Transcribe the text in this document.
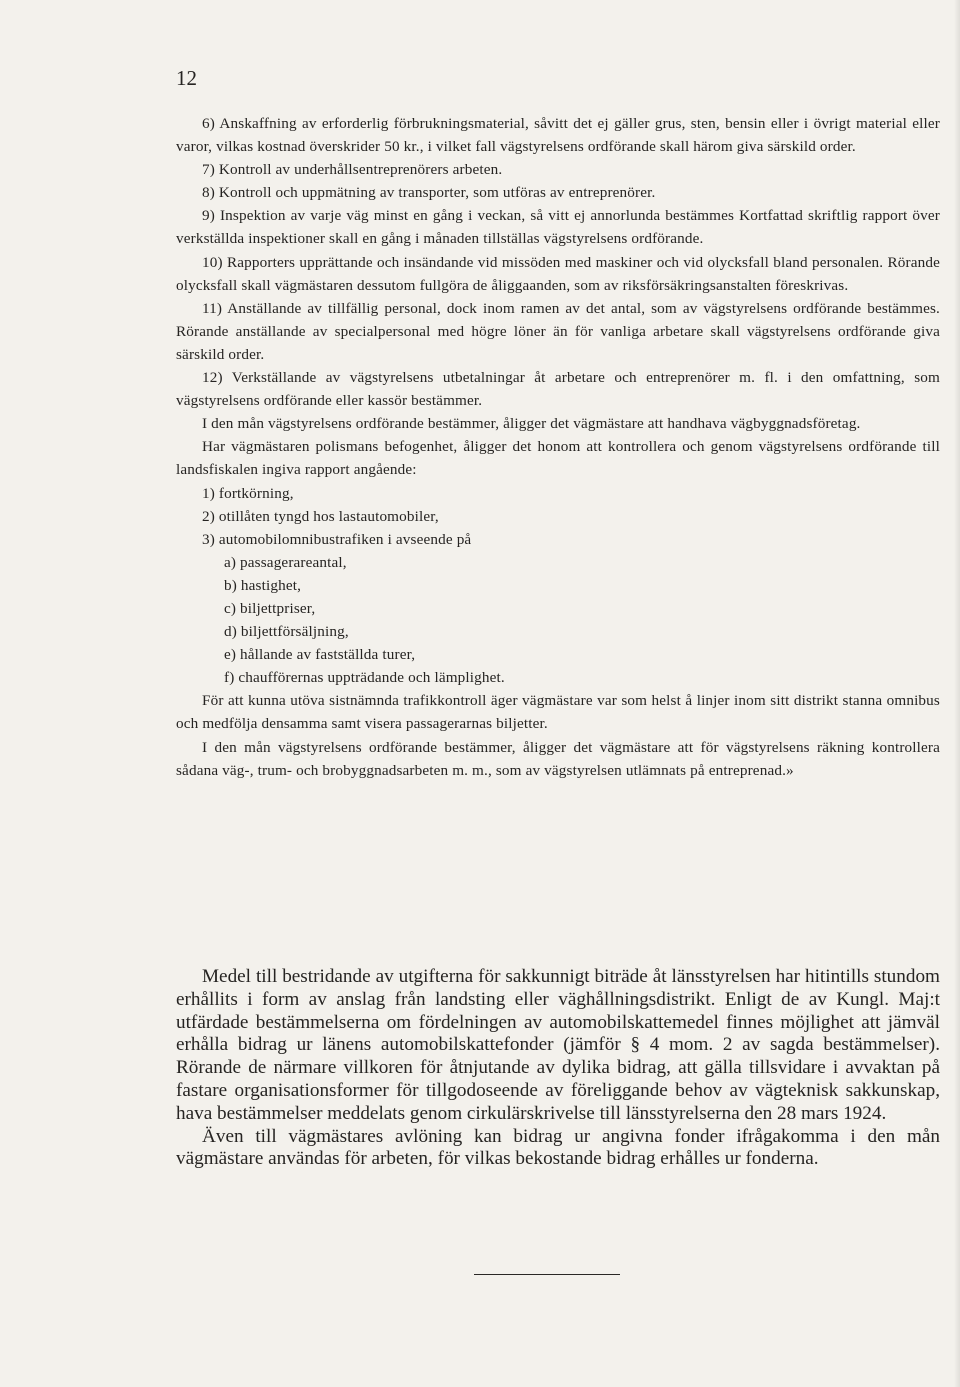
12

6) Anskaffning av erforderlig förbrukningsmaterial, såvitt det ej gäller grus, sten, bensin eller i övrigt material eller varor, vilkas kostnad överskrider 50 kr., i vilket fall vägstyrelsens ordförande skall härom giva särskild order.

7) Kontroll av underhållsentreprenörers arbeten.

8) Kontroll och uppmätning av transporter, som utföras av entreprenörer.

9) Inspektion av varje väg minst en gång i veckan, så vitt ej annorlunda bestämmes Kortfattad skriftlig rapport över verkställda inspektioner skall en gång i månaden tillställas vägstyrelsens ordförande.

10) Rapporters upprättande och insändande vid missöden med maskiner och vid olycksfall bland personalen. Rörande olycksfall skall vägmästaren dessutom fullgöra de åliggaanden, som av riksförsäkringsanstalten föreskrivas.

11) Anställande av tillfällig personal, dock inom ramen av det antal, som av vägstyrelsens ordförande bestämmes. Rörande anställande av specialpersonal med högre löner än för vanliga arbetare skall vägstyrelsens ordförande giva särskild order.

12) Verkställande av vägstyrelsens utbetalningar åt arbetare och entreprenörer m. fl. i den omfattning, som vägstyrelsens ordförande eller kassör bestämmer.

I den mån vägstyrelsens ordförande bestämmer, åligger det vägmästare att handhava vägbyggnadsföretag.

Har vägmästaren polismans befogenhet, åligger det honom att kontrollera och genom vägstyrelsens ordförande till landsfiskalen ingiva rapport angående:

1) fortkörning,

2) otillåten tyngd hos lastautomobiler,

3) automobilomnibustrafiken i avseende på

a) passagerareantal,

b) hastighet,

c) biljettpriser,

d) biljettförsäljning,

e) hållande av fastställda turer,

f) chaufförernas uppträdande och lämplighet.

För att kunna utöva sistnämnda trafikkontroll äger vägmästare var som helst å linjer inom sitt distrikt stanna omnibus och medfölja densamma samt visera passagerarnas biljetter.

I den mån vägstyrelsens ordförande bestämmer, åligger det vägmästare att för vägstyrelsens räkning kontrollera sådana väg-, trum- och brobyggnadsarbeten m. m., som av vägstyrelsen utlämnats på entreprenad.»

Medel till bestridande av utgifterna för sakkunnigt biträde åt länsstyrelsen har hitintills stundom erhållits i form av anslag från landsting eller väghållningsdistrikt. Enligt de av Kungl. Maj:t utfärdade bestämmelserna om fördelningen av automobilskattemedel finnes möjlighet att jämväl erhålla bidrag ur länens automobilskattefonder (jämför § 4 mom. 2 av sagda bestämmelser). Rörande de närmare villkoren för åtnjutande av dylika bidrag, att gälla tillsvidare i avvaktan på fastare organisationsformer för tillgodoseende av föreliggande behov av vägteknisk sakkunskap, hava bestämmelser meddelats genom cirkulärskrivelse till länsstyrelserna den 28 mars 1924.

Även till vägmästares avlöning kan bidrag ur angivna fonder ifrågakomma i den mån vägmästare användas för arbeten, för vilkas bekostande bidrag erhålles ur fonderna.
